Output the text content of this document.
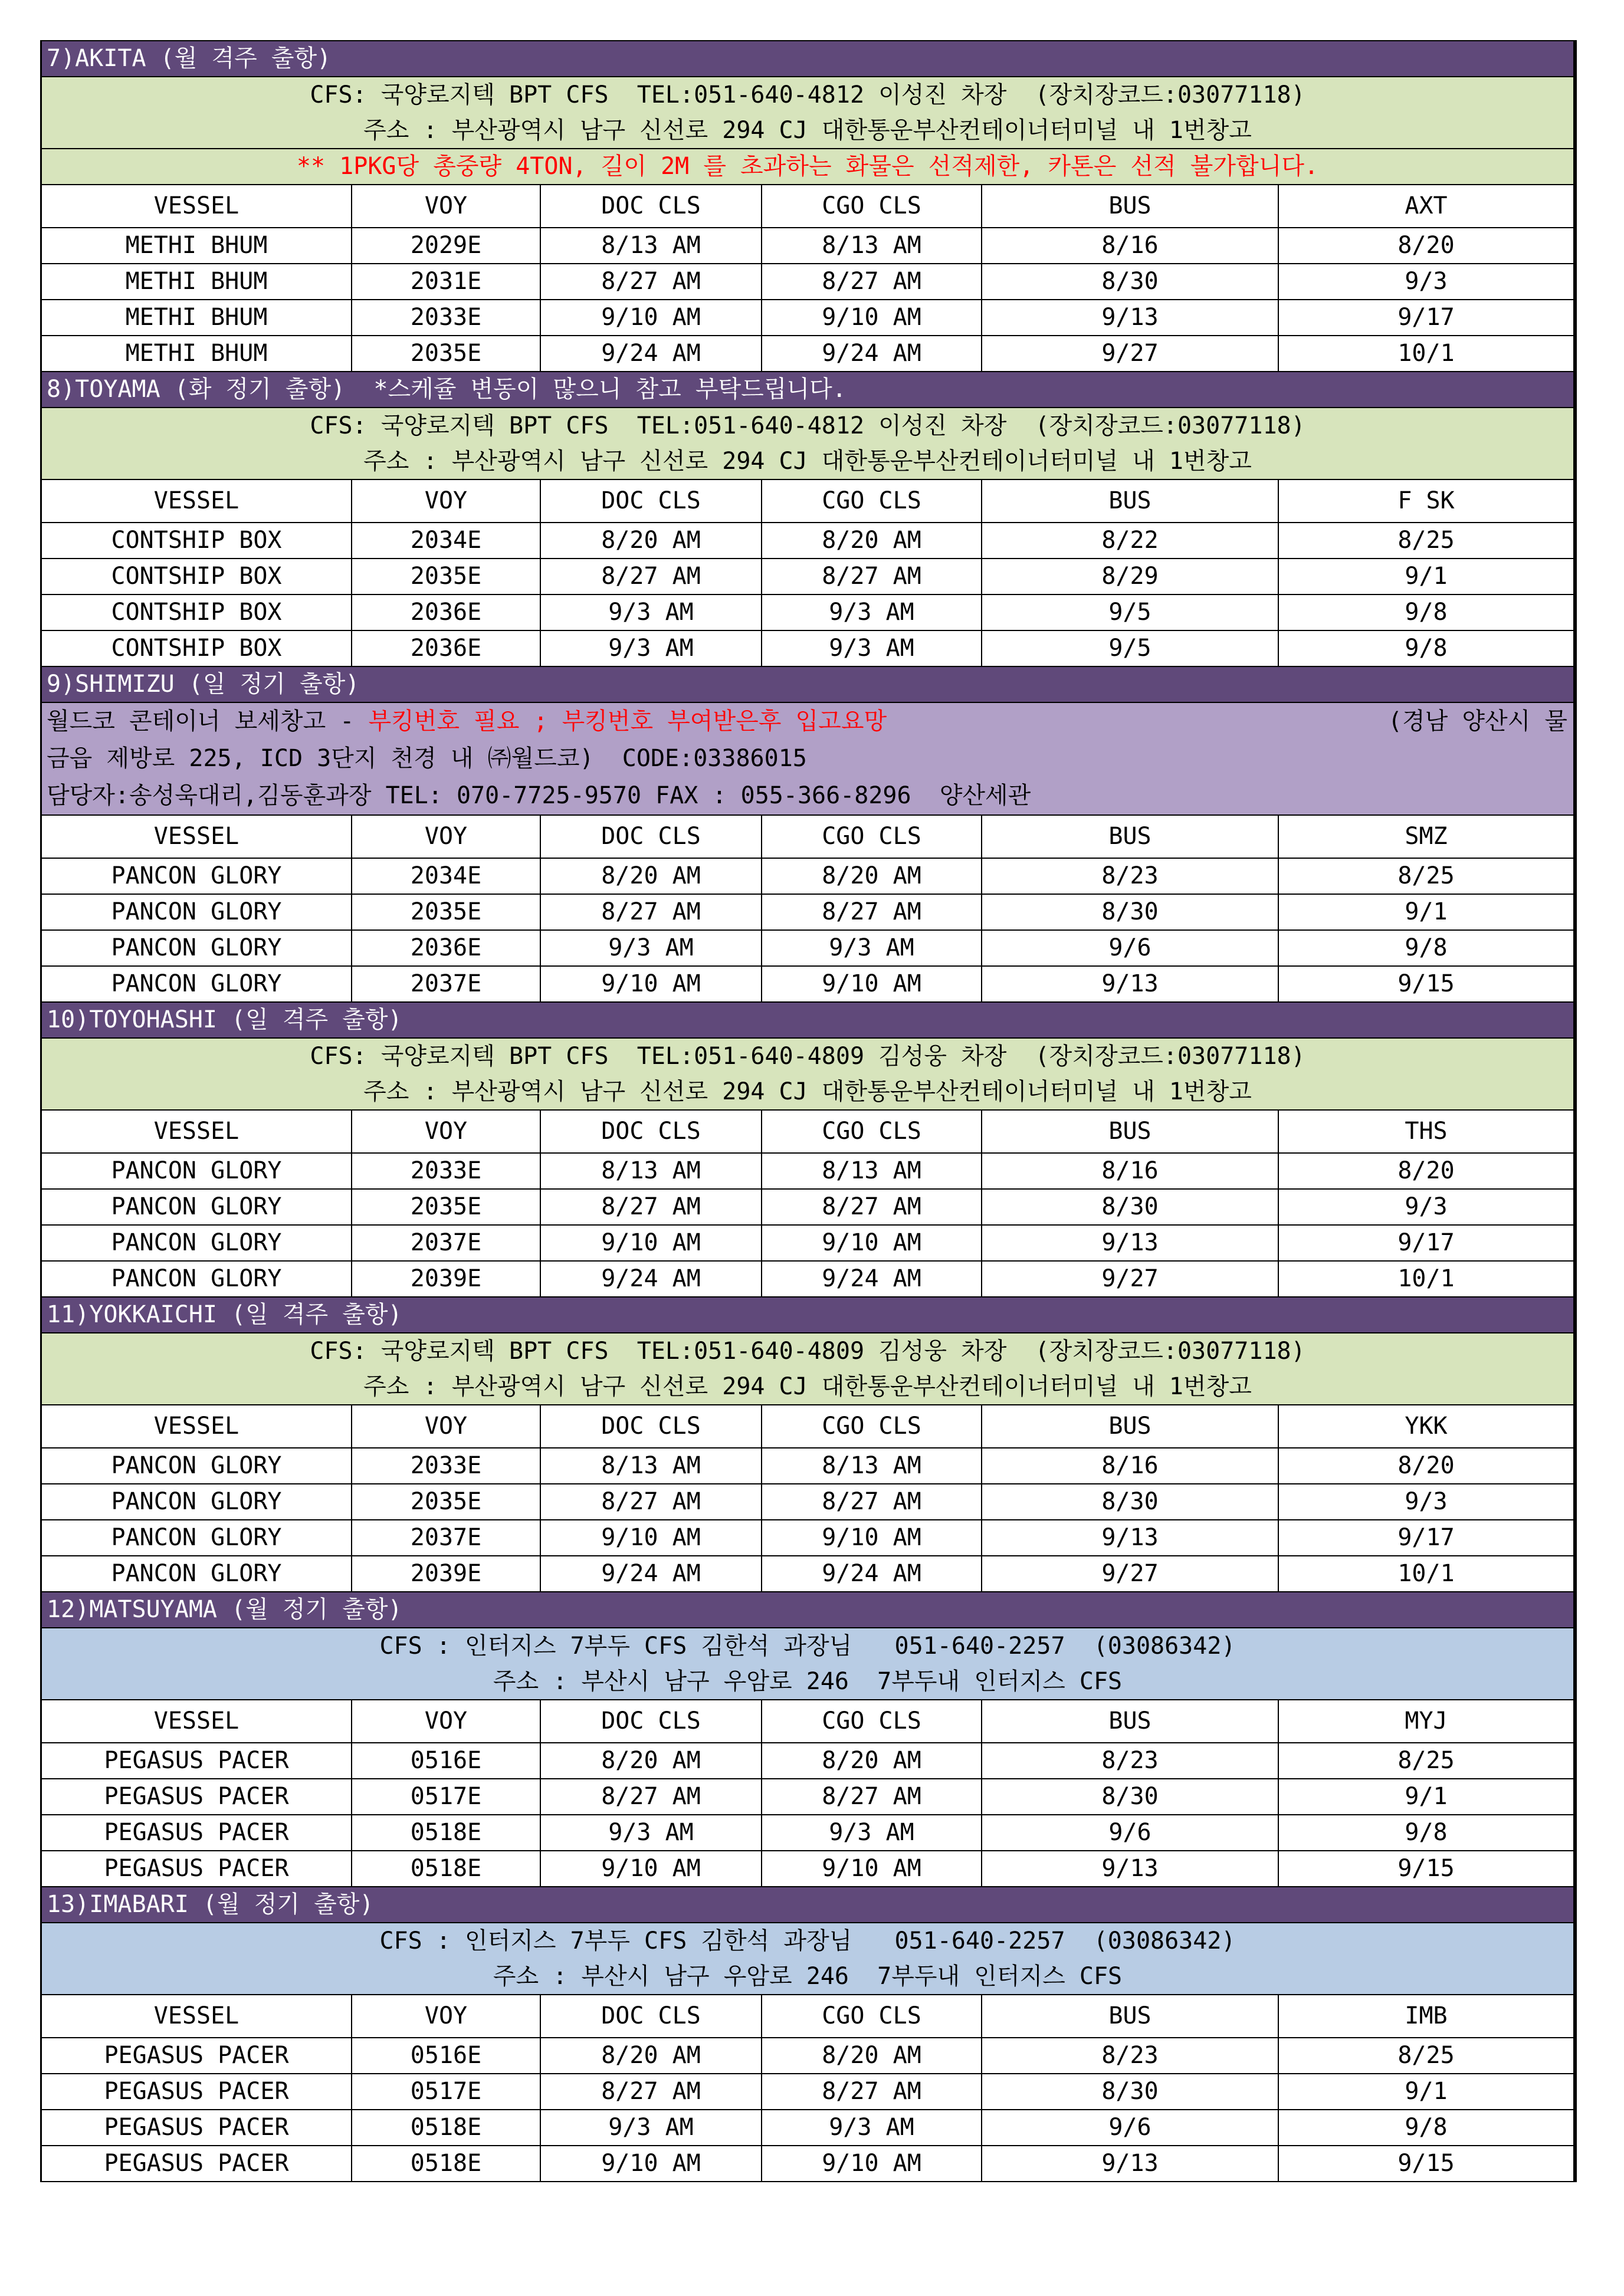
7)AKITA (월 격주 출항)
CFS: 국양로지텍 BPT CFS  TEL:051-640-4812 이성진 차장  (장치장코드:03077118)
주소 : 부산광역시 남구 신선로 294 CJ 대한통운부산컨테이너터미널 내 1번창고
** 1PKG당 총중량 4TON, 길이 2M 를 초과하는 화물은 선적제한, 카톤은 선적 불가합니다.
VESSEL	VOY	DOC CLS	CGO CLS	BUS	AXT
METHI BHUM	2029E	8/13 AM	8/13 AM	8/16	8/20
METHI BHUM	2031E	8/27 AM	8/27 AM	8/30	9/3
METHI BHUM	2033E	9/10 AM	9/10 AM	9/13	9/17
METHI BHUM	2035E	9/24 AM	9/24 AM	9/27	10/1
8)TOYAMA (화 정기 출항)  *스케쥴 변동이 많으니 참고 부탁드립니다.
CFS: 국양로지텍 BPT CFS  TEL:051-640-4812 이성진 차장  (장치장코드:03077118)
주소 : 부산광역시 남구 신선로 294 CJ 대한통운부산컨테이너터미널 내 1번창고
VESSEL	VOY	DOC CLS	CGO CLS	BUS	F SK
CONTSHIP BOX	2034E	8/20 AM	8/20 AM	8/22	8/25
CONTSHIP BOX	2035E	8/27 AM	8/27 AM	8/29	9/1
CONTSHIP BOX	2036E	9/3 AM	9/3 AM	9/5	9/8
CONTSHIP BOX	2036E	9/3 AM	9/3 AM	9/5	9/8
9)SHIMIZU (일 정기 출항)
월드코 콘테이너 보세창고 - 부킹번호 필요 ; 부킹번호 부여받은후 입고요망	(경남 양산시 물
금읍 제방로 225, ICD 3단지 천경 내 ㈜월드코)  CODE:03386015
담당자:송성욱대리,김동훈과장 TEL: 070-7725-9570 FAX : 055-366-8296  양산세관
VESSEL	VOY	DOC CLS	CGO CLS	BUS	SMZ
PANCON GLORY	2034E	8/20 AM	8/20 AM	8/23	8/25
PANCON GLORY	2035E	8/27 AM	8/27 AM	8/30	9/1
PANCON GLORY	2036E	9/3 AM	9/3 AM	9/6	9/8
PANCON GLORY	2037E	9/10 AM	9/10 AM	9/13	9/15
10)TOYOHASHI (일 격주 출항)
CFS: 국양로지텍 BPT CFS  TEL:051-640-4809 김성웅 차장  (장치장코드:03077118)
주소 : 부산광역시 남구 신선로 294 CJ 대한통운부산컨테이너터미널 내 1번창고
VESSEL	VOY	DOC CLS	CGO CLS	BUS	THS
PANCON GLORY	2033E	8/13 AM	8/13 AM	8/16	8/20
PANCON GLORY	2035E	8/27 AM	8/27 AM	8/30	9/3
PANCON GLORY	2037E	9/10 AM	9/10 AM	9/13	9/17
PANCON GLORY	2039E	9/24 AM	9/24 AM	9/27	10/1
11)YOKKAICHI (일 격주 출항)
CFS: 국양로지텍 BPT CFS  TEL:051-640-4809 김성웅 차장  (장치장코드:03077118)
주소 : 부산광역시 남구 신선로 294 CJ 대한통운부산컨테이너터미널 내 1번창고
VESSEL	VOY	DOC CLS	CGO CLS	BUS	YKK
PANCON GLORY	2033E	8/13 AM	8/13 AM	8/16	8/20
PANCON GLORY	2035E	8/27 AM	8/27 AM	8/30	9/3
PANCON GLORY	2037E	9/10 AM	9/10 AM	9/13	9/17
PANCON GLORY	2039E	9/24 AM	9/24 AM	9/27	10/1
12)MATSUYAMA (월 정기 출항)
CFS : 인터지스 7부두 CFS 김한석 과장님   051-640-2257  (03086342)
주소 : 부산시 남구 우암로 246  7부두내 인터지스 CFS
VESSEL	VOY	DOC CLS	CGO CLS	BUS	MYJ
PEGASUS PACER	0516E	8/20 AM	8/20 AM	8/23	8/25
PEGASUS PACER	0517E	8/27 AM	8/27 AM	8/30	9/1
PEGASUS PACER	0518E	9/3 AM	9/3 AM	9/6	9/8
PEGASUS PACER	0518E	9/10 AM	9/10 AM	9/13	9/15
13)IMABARI (월 정기 출항)
CFS : 인터지스 7부두 CFS 김한석 과장님   051-640-2257  (03086342)
주소 : 부산시 남구 우암로 246  7부두내 인터지스 CFS
VESSEL	VOY	DOC CLS	CGO CLS	BUS	IMB
PEGASUS PACER	0516E	8/20 AM	8/20 AM	8/23	8/25
PEGASUS PACER	0517E	8/27 AM	8/27 AM	8/30	9/1
PEGASUS PACER	0518E	9/3 AM	9/3 AM	9/6	9/8
PEGASUS PACER	0518E	9/10 AM	9/10 AM	9/13	9/15
